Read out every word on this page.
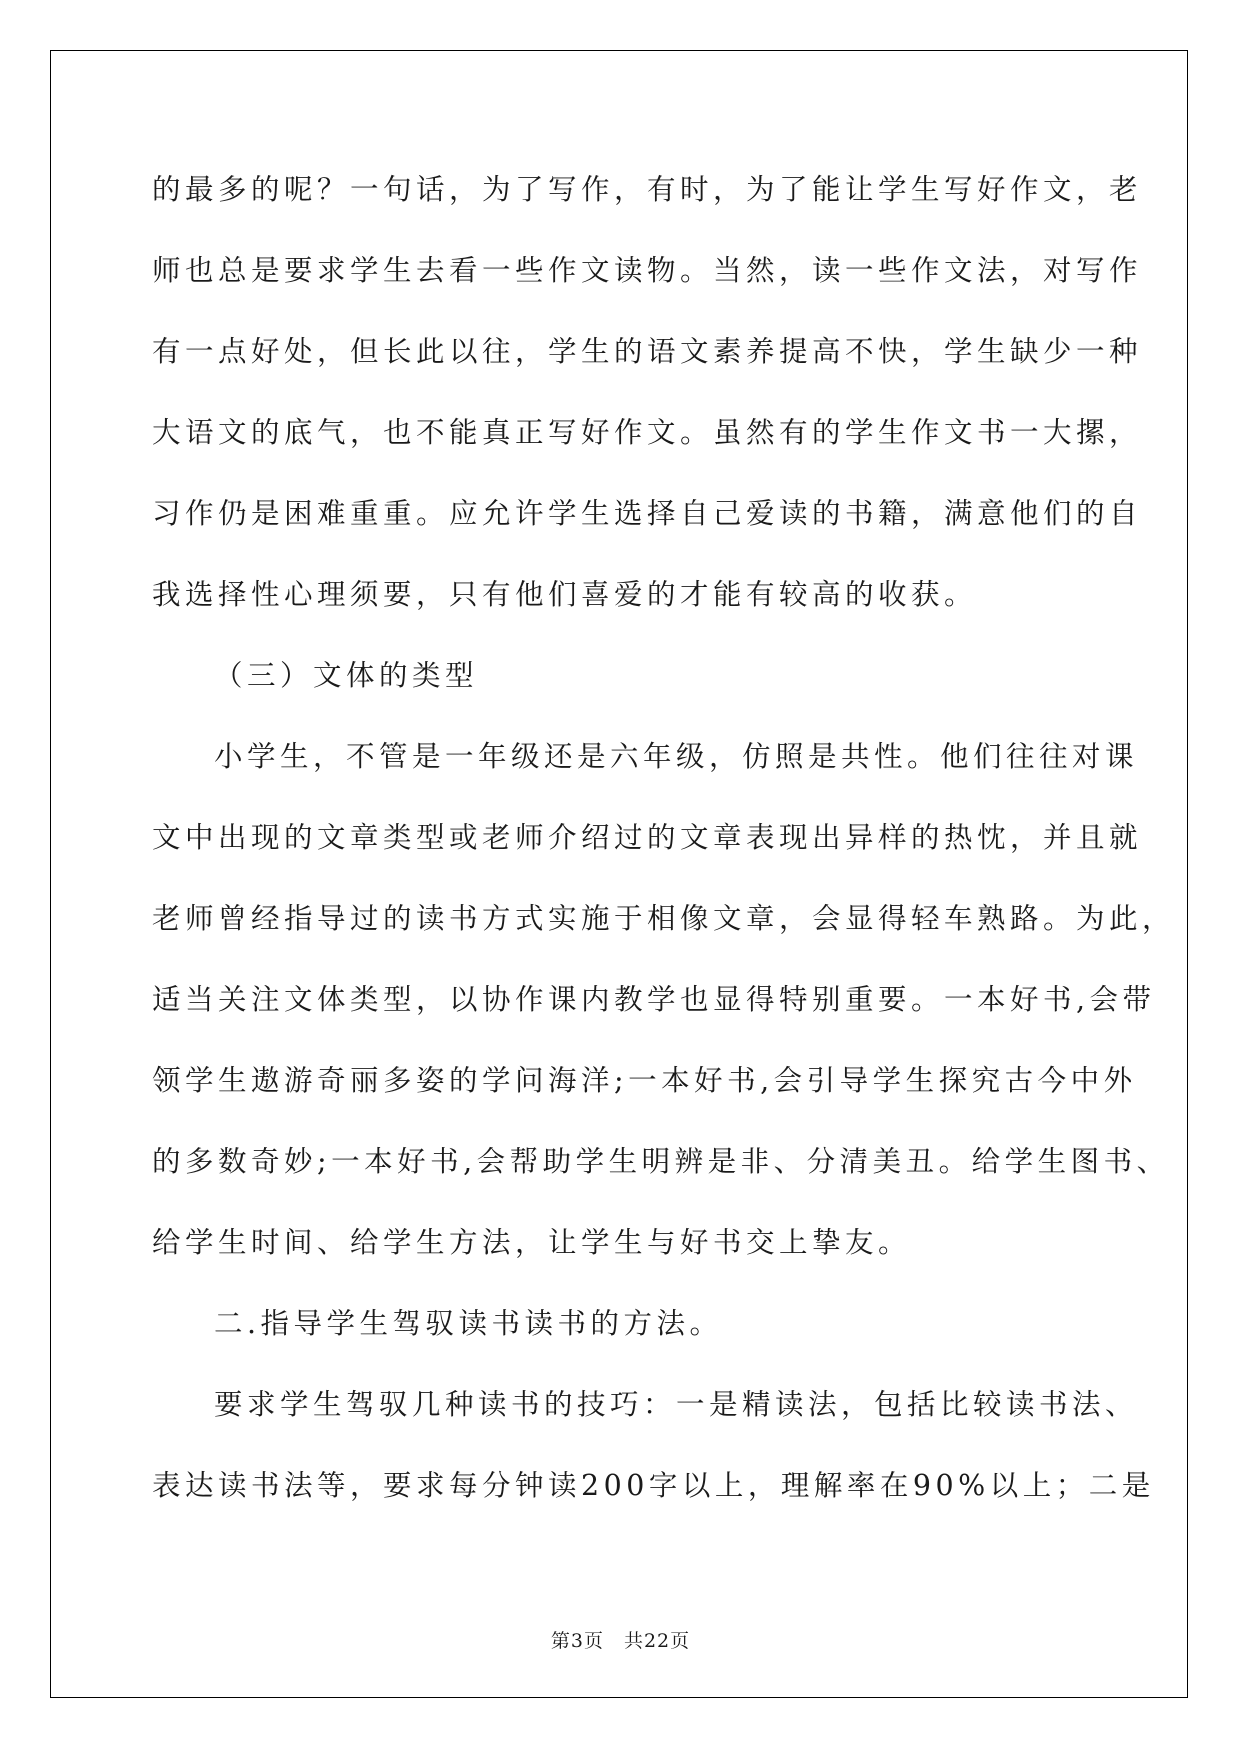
的最多的呢？一句话，为了写作，有时，为了能让学生写好作文，老
师也总是要求学生去看一些作文读物。当然，读一些作文法，对写作
有一点好处，但长此以往，学生的语文素养提高不快，学生缺少一种
大语文的底气，也不能真正写好作文。虽然有的学生作文书一大摞，
习作仍是困难重重。应允许学生选择自己爱读的书籍，满意他们的自
我选择性心理须要，只有他们喜爱的才能有较高的收获。
（三）文体的类型
小学生，不管是一年级还是六年级，仿照是共性。他们往往对课
文中出现的文章类型或老师介绍过的文章表现出异样的热忱，并且就
老师曾经指导过的读书方式实施于相像文章，会显得轻车熟路。为此，
适当关注文体类型，以协作课内教学也显得特别重要。一本好书,会带
领学生遨游奇丽多姿的学问海洋;一本好书,会引导学生探究古今中外
的多数奇妙;一本好书,会帮助学生明辨是非、分清美丑。给学生图书、
给学生时间、给学生方法，让学生与好书交上挚友。
二.指导学生驾驭读书读书的方法。
要求学生驾驭几种读书的技巧：一是精读法，包括比较读书法、
表达读书法等，要求每分钟读200字以上，理解率在90%以上；二是
第3页　共22页
